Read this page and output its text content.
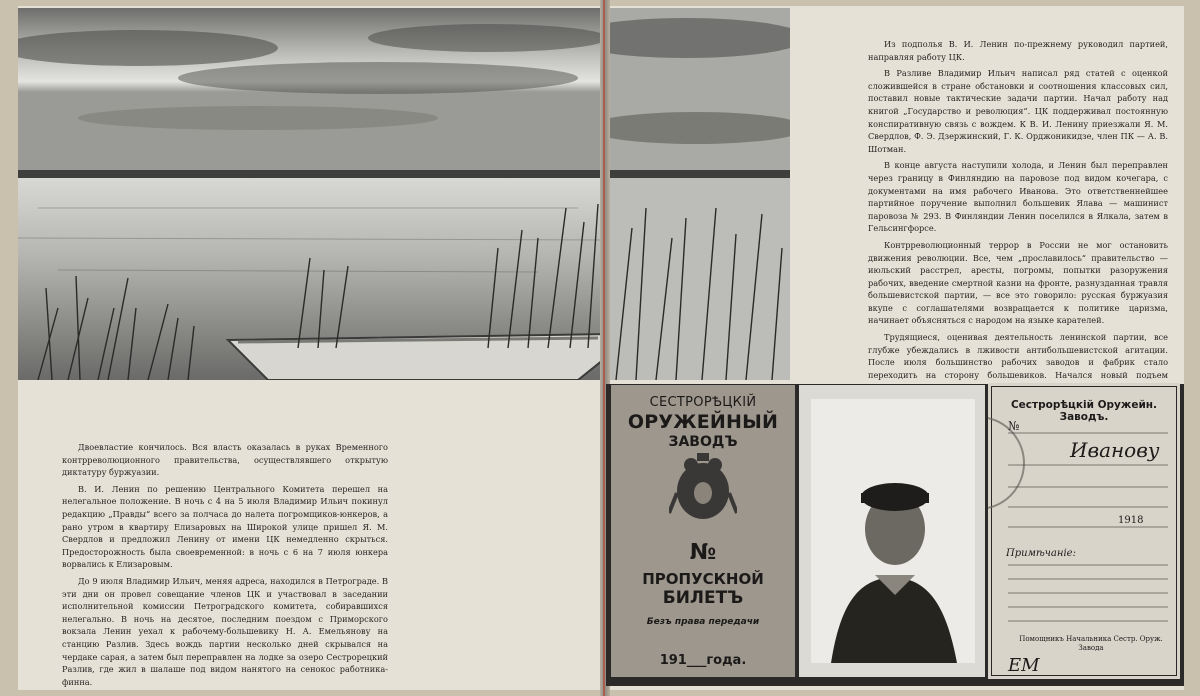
Двоевластие кончилось. Вся власть оказалась в руках Временного контрреволюционного правительства, осуществлявшего открытую диктатуру буржуазии.

В. И. Ленин по решению Центрального Комитета перешел на нелегальное положение. В ночь с 4 на 5 июля Владимир Ильич покинул редакцию „Правды“ всего за полчаса до налета погромщиков-юнкеров, а рано утром в квартиру Елизаровых на Широкой улице пришел Я. М. Свердлов и предложил Ленину от имени ЦК немедленно скрыться. Предосторожность была своевременной: в ночь с 6 на 7 июля юнкера ворвались к Елизаровым.

До 9 июля Владимир Ильич, меняя адреса, находился в Петрограде. В эти дни он провел совещание членов ЦК и участвовал в заседании исполнительной комиссии Петроградского комитета, собиравшихся нелегально. В ночь на десятое, последним поездом с Приморского вокзала Ленин уехал к рабочему-большевику Н. А. Емельянову на станцию Разлив. Здесь вождь партии несколько дней скрывался на чердаке сарая, а затем был переправлен на лодке за озеро Сестрорецкий Разлив, где жил в шалаше под видом нанятого на сенокос работника-финна.

Из подполья В. И. Ленин по-прежнему руководил партией, направляя работу ЦК.

В Разливе Владимир Ильич написал ряд статей с оценкой сложившейся в стране обстановки и соотношения классовых сил, поставил новые тактические задачи партии. Начал работу над книгой „Государство и революция“. ЦК поддерживал постоянную конспиративную связь с вождем. К В. И. Ленину приезжали Я. М. Свердлов, Ф. Э. Дзержинский, Г. К. Орджоникидзе, член ПК — А. В. Шотман.

В конце августа наступили холода, и Ленин был переправлен через границу в Финляндию на паровозе под видом кочегара, с документами на имя рабочего Иванова. Это ответственнейшее партийное поручение выполнил большевик Ялава — машинист паровоза № 293. В Финляндии Ленин поселился в Ялкала, затем в Гельсингфорсе.

Контрреволюционный террор в России не мог остановить движения революции. Все, чем „прославилось“ правительство — июльский расстрел, аресты, погромы, попытки разоружения рабочих, введение смертной казни на фронте, разнузданная травля большевистской партии, — все это говорило: русская буржуазия вкупе с соглашателями возвращается к политике царизма, начинает объясняться с народом на языке карателей.

Трудящиеся, оценивая деятельность ленинской партии, все глубже убеждались в лживости антибольшевистской агитации. После июля большинство рабочих заводов и фабрик стало переходить на сторону большевиков. Начался новый подъем

СЕСТРОРѢЦКІЙ
ОРУЖЕЙНЫЙ
ЗАВОДЪ
№
ПРОПУСКНОЙ
БИЛЕТЪ
Безъ права передачи
191___года.
Сестрорѣцкій Оружейн. Заводъ.
№
Иванову
1918
Примѣчаніе:
Помощникъ Начальника Сестр. Оруж. Завода
ЕМ
